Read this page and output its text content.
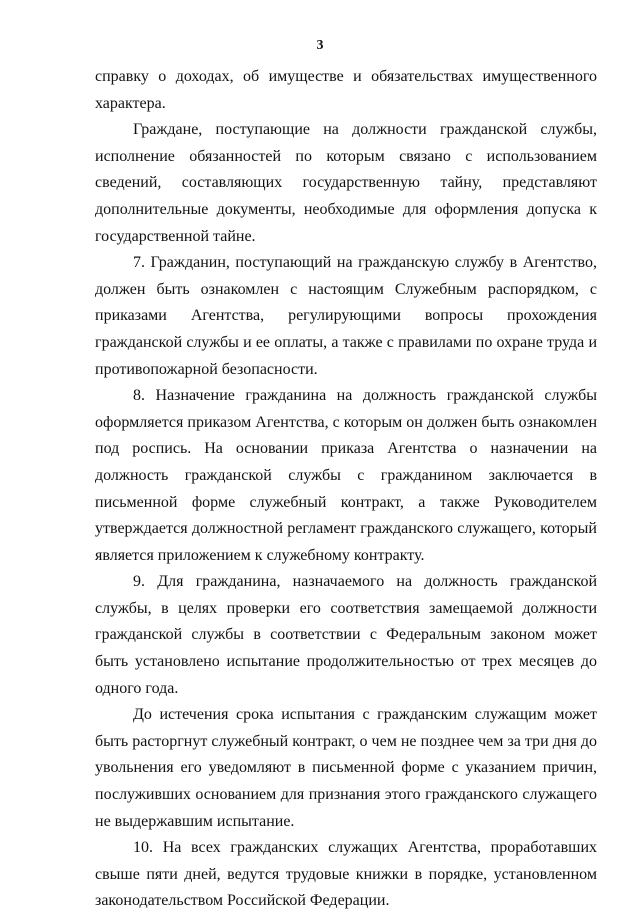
3

справку о доходах, об имуществе и обязательствах имущественного характера.

Граждане, поступающие на должности гражданской службы, исполнение обязанностей по которым связано с использованием сведений, составляющих государственную тайну, представляют дополнительные документы, необходимые для оформления допуска к государственной тайне.

7. Гражданин, поступающий на гражданскую службу в Агентство, должен быть ознакомлен с настоящим Служебным распорядком, с приказами Агентства, регулирующими вопросы прохождения гражданской службы и ее оплаты, а также с правилами по охране труда и противопожарной безопасности.

8. Назначение гражданина на должность гражданской службы оформляется приказом Агентства, с которым он должен быть ознакомлен под роспись. На основании приказа Агентства о назначении на должность гражданской службы с гражданином заключается в письменной форме служебный контракт, а также Руководителем утверждается должностной регламент гражданского служащего, который является приложением к служебному контракту.

9. Для гражданина, назначаемого на должность гражданской службы, в целях проверки его соответствия замещаемой должности гражданской службы в соответствии с Федеральным законом может быть установлено испытание продолжительностью от трех месяцев до одного года.

До истечения срока испытания с гражданским служащим может быть расторгнут служебный контракт, о чем не позднее чем за три дня до увольнения его уведомляют в письменной форме с указанием причин, послуживших основанием для признания этого гражданского служащего не выдержавшим испытание.

10. На всех гражданских служащих Агентства, проработавших свыше пяти дней, ведутся трудовые книжки в порядке, установленном законодательством Российской Федерации.
